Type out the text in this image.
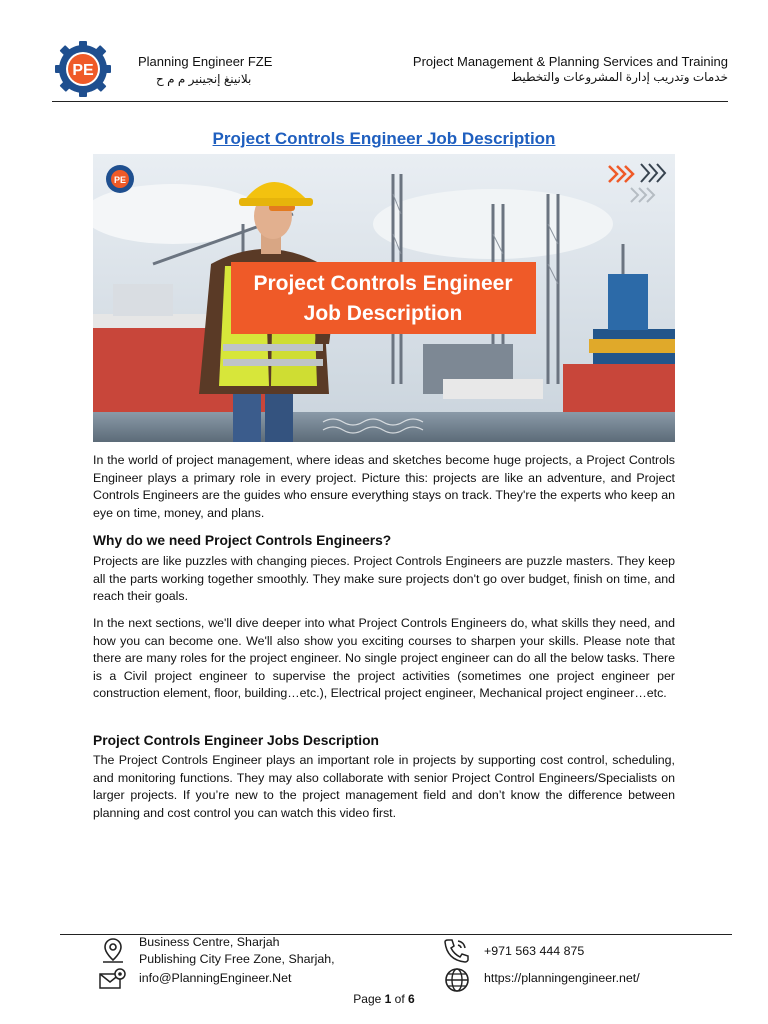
PE
Planning Engineer FZE
بلانينغ إنجينير م م ح
Project Management & Planning Services and Training
خدمات وتدريب إدارة المشروعات والتخطيط
Project Controls Engineer Job Description
PE
Project Controls Engineer
Job Description

In the world of project management, where ideas and sketches become huge projects, a Project Controls Engineer plays a primary role in every project. Picture this: projects are like an adventure, and Project Controls Engineers are the guides who ensure everything stays on track. They're the experts who keep an eye on time, money, and plans.

Why do we need Project Controls Engineers?

Projects are like puzzles with changing pieces. Project Controls Engineers are puzzle masters. They keep all the parts working together smoothly. They make sure projects don't go over budget, finish on time, and reach their goals.

In the next sections, we'll dive deeper into what Project Controls Engineers do, what skills they need, and how you can become one. We'll also show you exciting courses to sharpen your skills. Please note that there are many roles for the project engineer. No single project engineer can do all the below tasks. There is a Civil project engineer to supervise the project activities (sometimes one project engineer per construction element, floor, building…etc.), Electrical project engineer, Mechanical project engineer…etc.

Project Controls Engineer Jobs Description

The Project Controls Engineer plays an important role in projects by supporting cost control, scheduling, and monitoring functions. They may also collaborate with senior Project Control Engineers/Specialists on larger projects. If you’re new to the project management field and don’t know the difference between planning and cost control you can watch this video first.

Business Centre, Sharjah
Publishing City Free Zone, Sharjah,
info@PlanningEngineer.Net
+971 563 444 875
https://planningengineer.net/
Page 1 of 6
